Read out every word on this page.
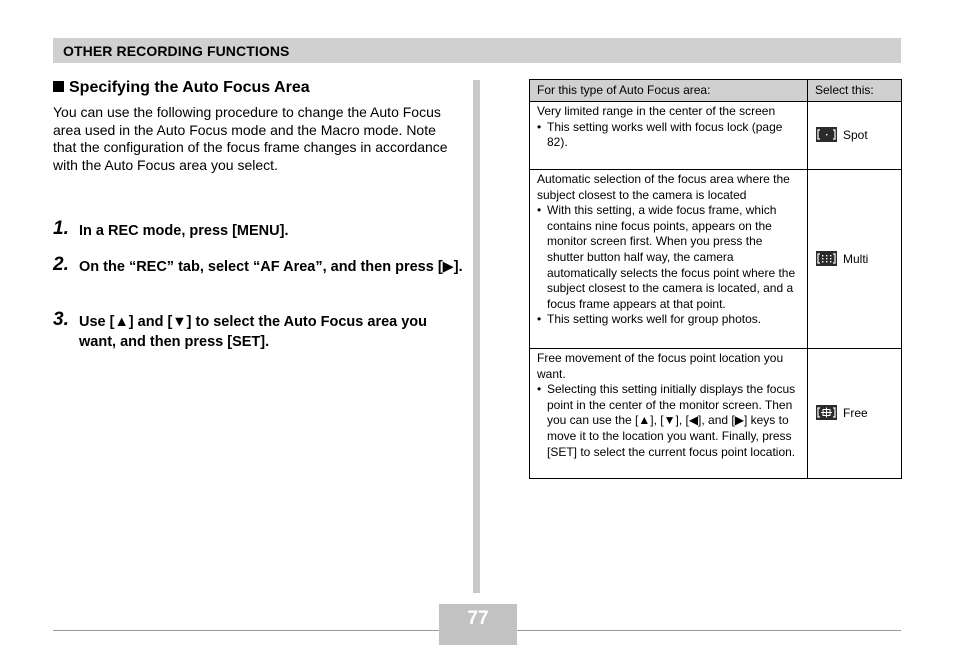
OTHER RECORDING FUNCTIONS
Specifying the Auto Focus Area
You can use the following procedure to change the Auto Focus area used in the Auto Focus mode and the Macro mode. Note that the configuration of the focus frame changes in accordance with the Auto Focus area you select.
1. In a REC mode, press [MENU].
2. On the “REC” tab, select “AF Area”, and then press [▶].
3. Use [▲] and [▼] to select the Auto Focus area you want, and then press [SET].
For this type of Auto Focus area:	Select this:

Very limited range in the center of the screen
• This setting works well with focus lock (page 82).	Spot

Automatic selection of the focus area where the subject closest to the camera is located
• With this setting, a wide focus frame, which contains nine focus points, appears on the monitor screen first. When you press the shutter button half way, the camera automatically selects the focus point where the subject closest to the camera is located, and a focus frame appears at that point.
• This setting works well for group photos.	Multi

Free movement of the focus point location you want.
• Selecting this setting initially displays the focus point in the center of the monitor screen. Then you can use the [▲], [▼], [◀], and [▶] keys to move it to the location you want. Finally, press [SET] to select the current focus point location.	Free
77
